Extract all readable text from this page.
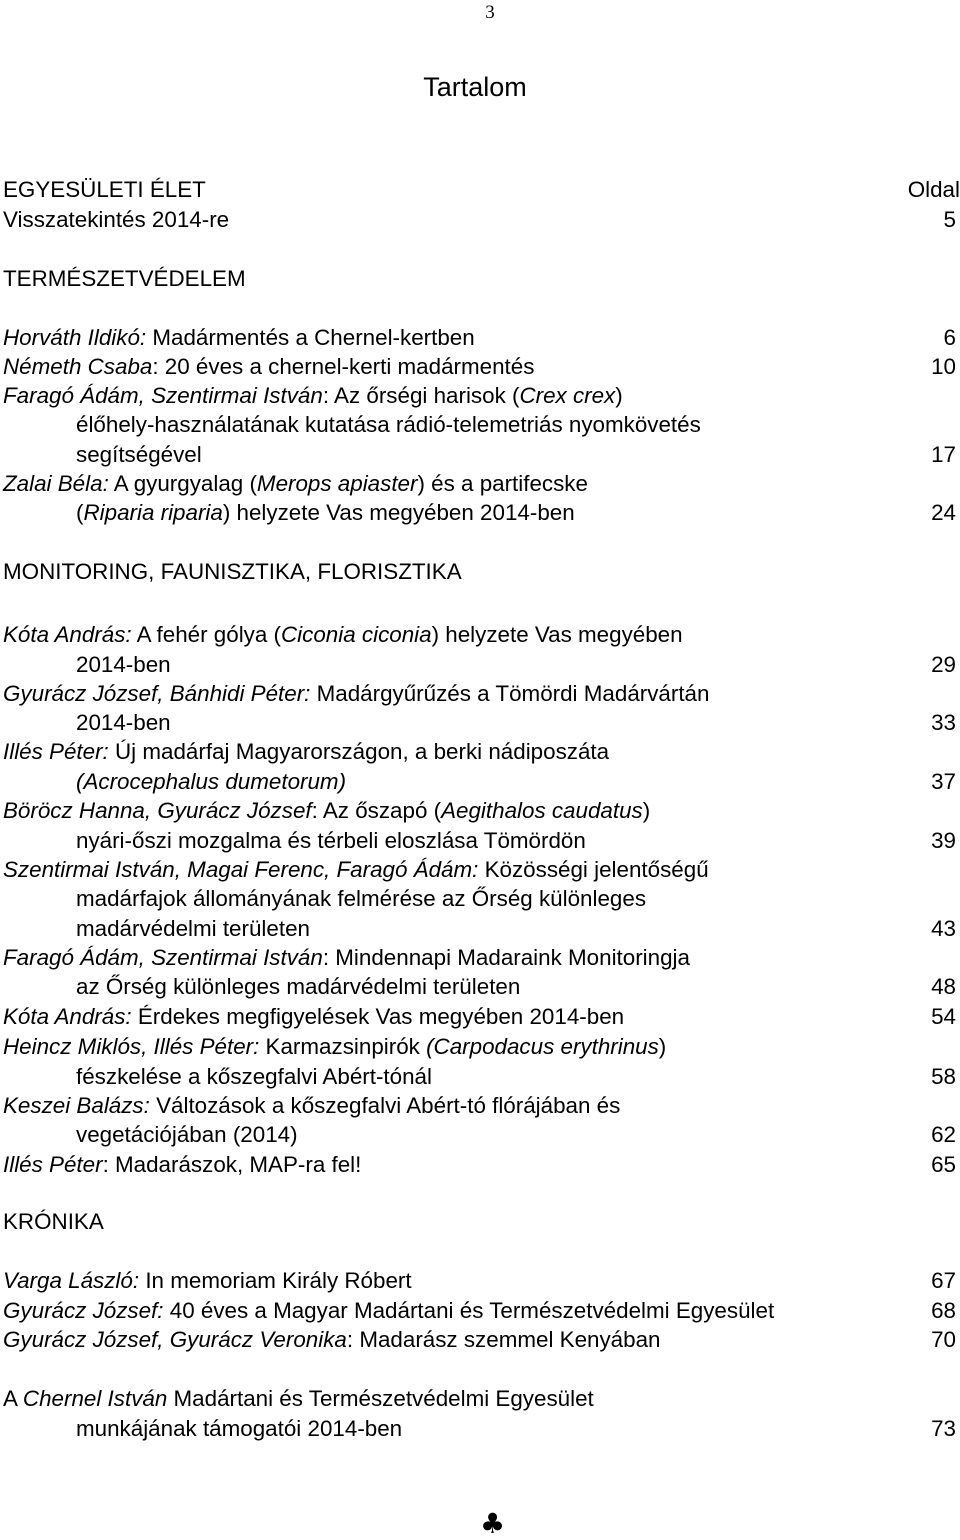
3
Tartalom
EGYESÜLETI ÉLET	Oldal
Visszatekintés 2014-re	5
TERMÉSZETVÉDELEM
Horváth Ildikó: Madármentés a Chernel-kertben	6
Németh Csaba: 20 éves a chernel-kerti madármentés	10
Faragó Ádám, Szentirmai István: Az őrségi harisok (Crex crex)
élőhely-használatának kutatása rádió-telemetriás nyomkövetés
segítségével	17
Zalai Béla: A gyurgyalag (Merops apiaster) és a partifecske
(Riparia riparia) helyzete Vas megyében 2014-ben	24
MONITORING, FAUNISZTIKA, FLORISZTIKA
Kóta András: A fehér gólya (Ciconia ciconia) helyzete Vas megyében
2014-ben	29
Gyurácz József, Bánhidi Péter: Madárgyűrűzés a Tömördi Madárvártán
2014-ben	33
Illés Péter: Új madárfaj Magyarországon, a berki nádiposzáta
(Acrocephalus dumetorum)	37
Böröcz Hanna, Gyurácz József: Az őszapó (Aegithalos caudatus)
nyári-őszi mozgalma és térbeli eloszlása Tömördön	39
Szentirmai István, Magai Ferenc, Faragó Ádám: Közösségi jelentőségű
madárfajok állományának felmérése az Őrség különleges
madárvédelmi területen	43
Faragó Ádám, Szentirmai István: Mindennapi Madaraink Monitoringja
az Őrség különleges madárvédelmi területen	48
Kóta András: Érdekes megfigyelések Vas megyében 2014-ben	54
Heincz Miklós, Illés Péter: Karmazsinpirók (Carpodacus erythrinus)
fészkelése a kőszegfalvi Abért-tónál	58
Keszei Balázs: Változások a kőszegfalvi Abért-tó flórájában és
vegetációjában (2014)	62
Illés Péter: Madarászok, MAP-ra fel!	65
KRÓNIKA
Varga László: In memoriam Király Róbert	67
Gyurácz József: 40 éves a Magyar Madártani és Természetvédelmi Egyesület	68
Gyurácz József, Gyurácz Veronika: Madarász szemmel Kenyában	70
A Chernel István Madártani és Természetvédelmi Egyesület
munkájának támogatói 2014-ben	73
♣
